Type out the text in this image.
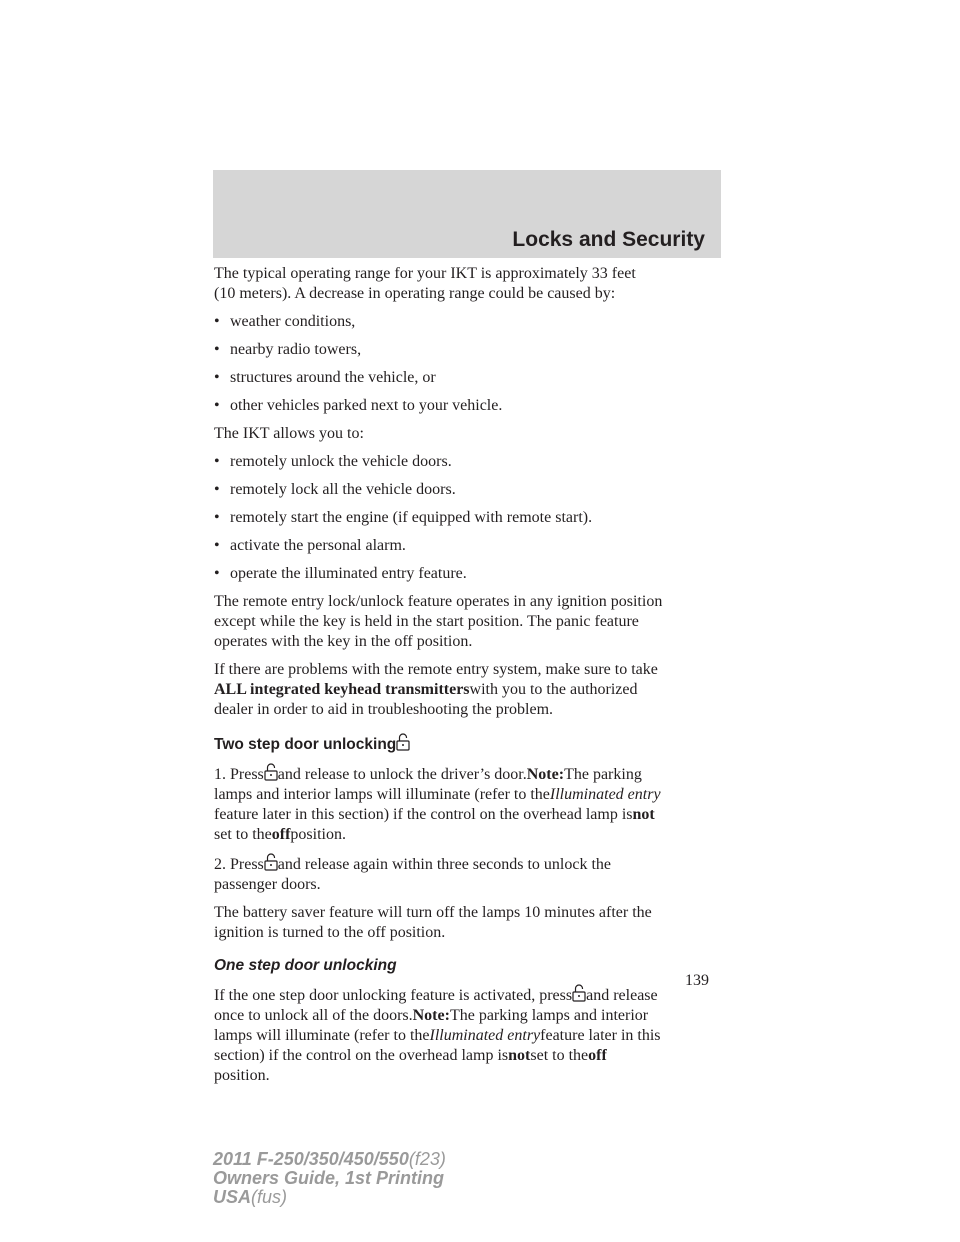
Locks and Security

The typical operating range for your IKT is approximately 33 feet
(10 meters). A decrease in operating range could be caused by:

• weather conditions,
• nearby radio towers,
• structures around the vehicle, or
• other vehicles parked next to your vehicle.

The IKT allows you to:

• remotely unlock the vehicle doors.
• remotely lock all the vehicle doors.
• remotely start the engine (if equipped with remote start).
• activate the personal alarm.
• operate the illuminated entry feature.

The remote entry lock/unlock feature operates in any ignition position
except while the key is held in the start position. The panic feature
operates with the key in the off position.

If there are problems with the remote entry system, make sure to take
ALL integrated keyhead transmitterswith you to the authorized
dealer in order to aid in troubleshooting the problem.

Two step door unlocking

1. Press and release to unlock the driver’s door.Note:The parking
lamps and interior lamps will illuminate (refer to theIlluminated entry
feature later in this section) if the control on the overhead lamp isnot
set to theoffposition.

2. Press and release again within three seconds to unlock the
passenger doors.

The battery saver feature will turn off the lamps 10 minutes after the
ignition is turned to the off position.

One step door unlocking

If the one step door unlocking feature is activated, press and release
once to unlock all of the doors.Note:The parking lamps and interior
lamps will illuminate (refer to theIlluminated entryfeature later in this
section) if the control on the overhead lamp isnotset to theoff
position.

139
2011 F-250/350/450/550(f23)
Owners Guide, 1st Printing
USA(fus)
